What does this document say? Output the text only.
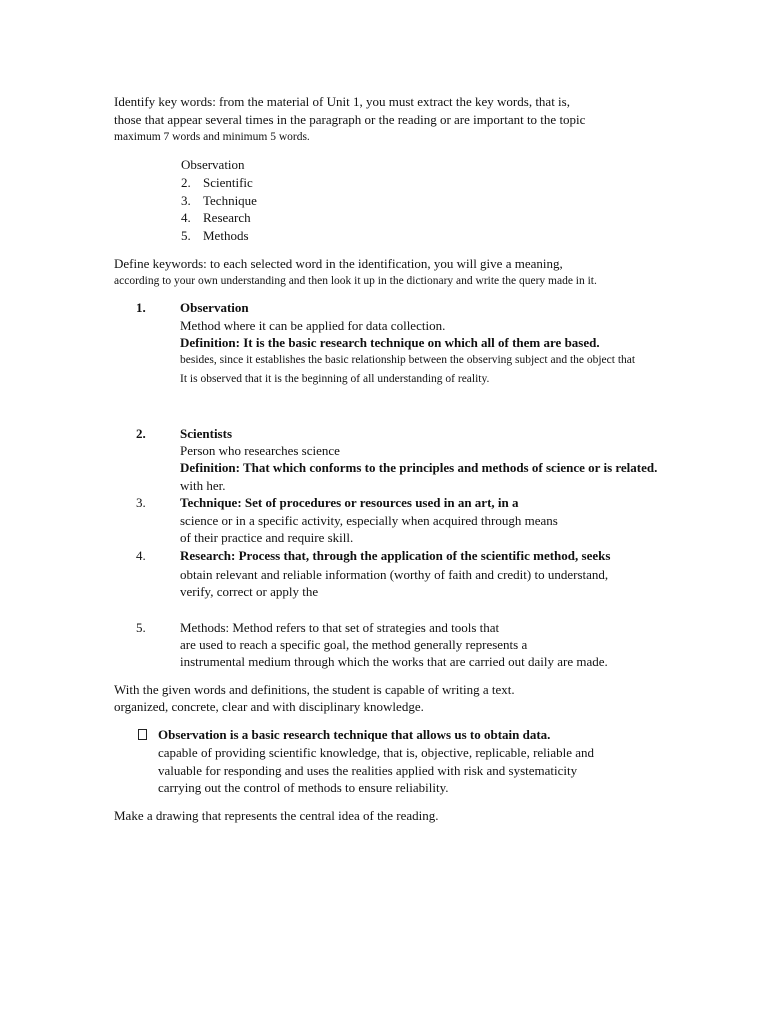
Identify key words: from the material of Unit 1, you must extract the key words, that is,
those that appear several times in the paragraph or the reading or are important to the topic
maximum 7 words and minimum 5 words.
Observation
2. Scientific
3. Technique
4. Research
5. Methods
Define keywords: to each selected word in the identification, you will give a meaning,
according to your own understanding and then look it up in the dictionary and write the query made in it.
1.	Observation
Method where it can be applied for data collection.
Definition: It is the basic research technique on which all of them are based.
besides, since it establishes the basic relationship between the observing subject and the object that
It is observed that it is the beginning of all understanding of reality.
2.	Scientists
Person who researches science
Definition: That which conforms to the principles and methods of science or is related.
with her.
3.	Technique: Set of procedures or resources used in an art, in a
science or in a specific activity, especially when acquired through means
of their practice and require skill.
4.	Research: Process that, through the application of the scientific method, seeks
obtain relevant and reliable information (worthy of faith and credit) to understand,
verify, correct or apply the
5.	Methods: Method refers to that set of strategies and tools that
are used to reach a specific goal, the method generally represents a
instrumental medium through which the works that are carried out daily are made.
With the given words and definitions, the student is capable of writing a text.
organized, concrete, clear and with disciplinary knowledge.
Observation is a basic research technique that allows us to obtain data.
capable of providing scientific knowledge, that is, objective, replicable, reliable and
valuable for responding and uses the realities applied with risk and systematicity
carrying out the control of methods to ensure reliability.
Make a drawing that represents the central idea of the reading.
